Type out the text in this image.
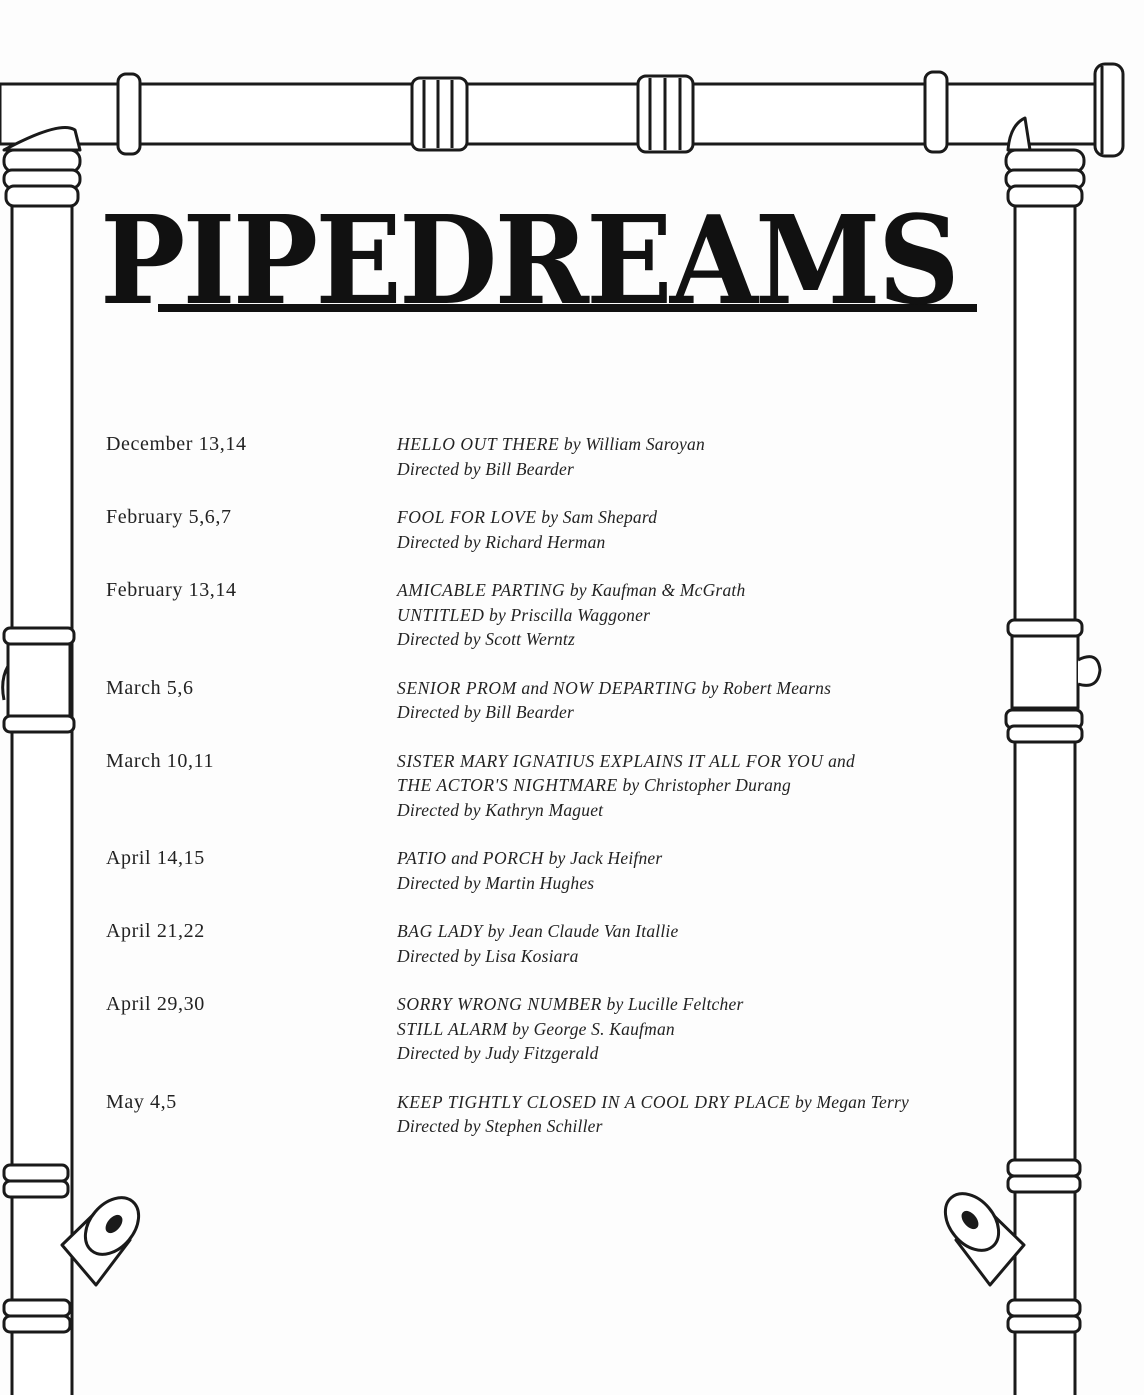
PIPEDREAMS
December 13,14	HELLO OUT THERE by William Saroyan
Directed by Bill Bearder
February 5,6,7	FOOL FOR LOVE by Sam Shepard
Directed by Richard Herman
February 13,14	AMICABLE PARTING by Kaufman & McGrath
UNTITLED by Priscilla Waggoner
Directed by Scott Werntz
March 5,6	SENIOR PROM and NOW DEPARTING by Robert Mearns
Directed by Bill Bearder
March 10,11	SISTER MARY IGNATIUS EXPLAINS IT ALL FOR YOU and
THE ACTOR'S NIGHTMARE by Christopher Durang
Directed by Kathryn Maguet
April 14,15	PATIO and PORCH by Jack Heifner
Directed by Martin Hughes
April 21,22	BAG LADY by Jean Claude Van Itallie
Directed by Lisa Kosiara
April 29,30	SORRY WRONG NUMBER by Lucille Feltcher
STILL ALARM by George S. Kaufman
Directed by Judy Fitzgerald
May 4,5	KEEP TIGHTLY CLOSED IN A COOL DRY PLACE by Megan Terry
Directed by Stephen Schiller
